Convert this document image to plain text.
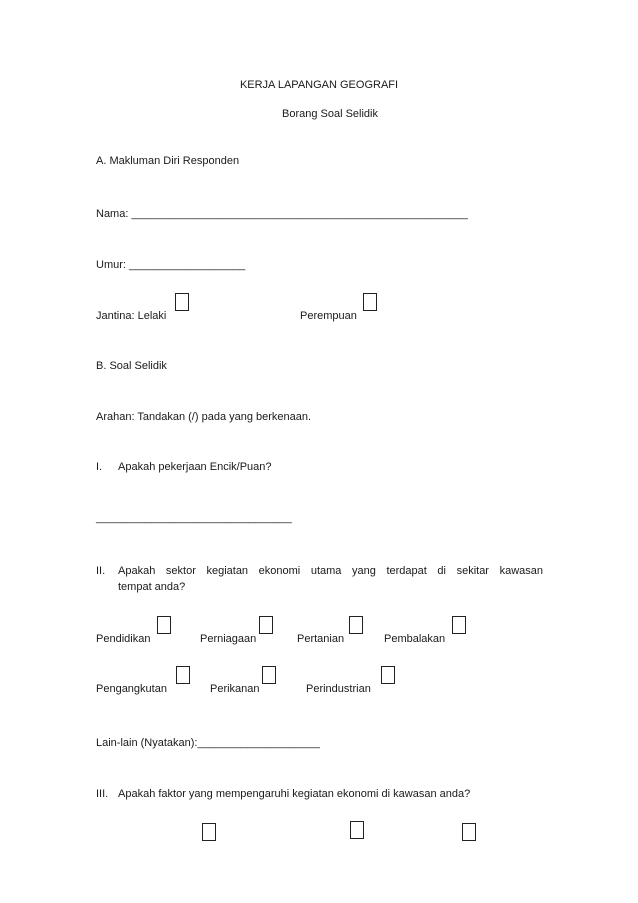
KERJA LAPANGAN GEOGRAFI
Borang Soal Selidik
A. Makluman Diri Responden
Nama: _______________________________________________________
Umur: ___________________
Jantina: Lelaki	Perempuan
B. Soal Selidik
Arahan: Tandakan (/) pada yang berkenaan.
I. Apakah pekerjaan Encik/Puan?
________________________________
II. Apakah sektor kegiatan ekonomi utama yang terdapat di sekitar kawasan
tempat anda?
Pendidikan	Perniagaan	Pertanian	Pembalakan
Pengangkutan	Perikanan	Perindustrian
Lain-lain (Nyatakan):____________________
III. Apakah faktor yang mempengaruhi kegiatan ekonomi di kawasan anda?
